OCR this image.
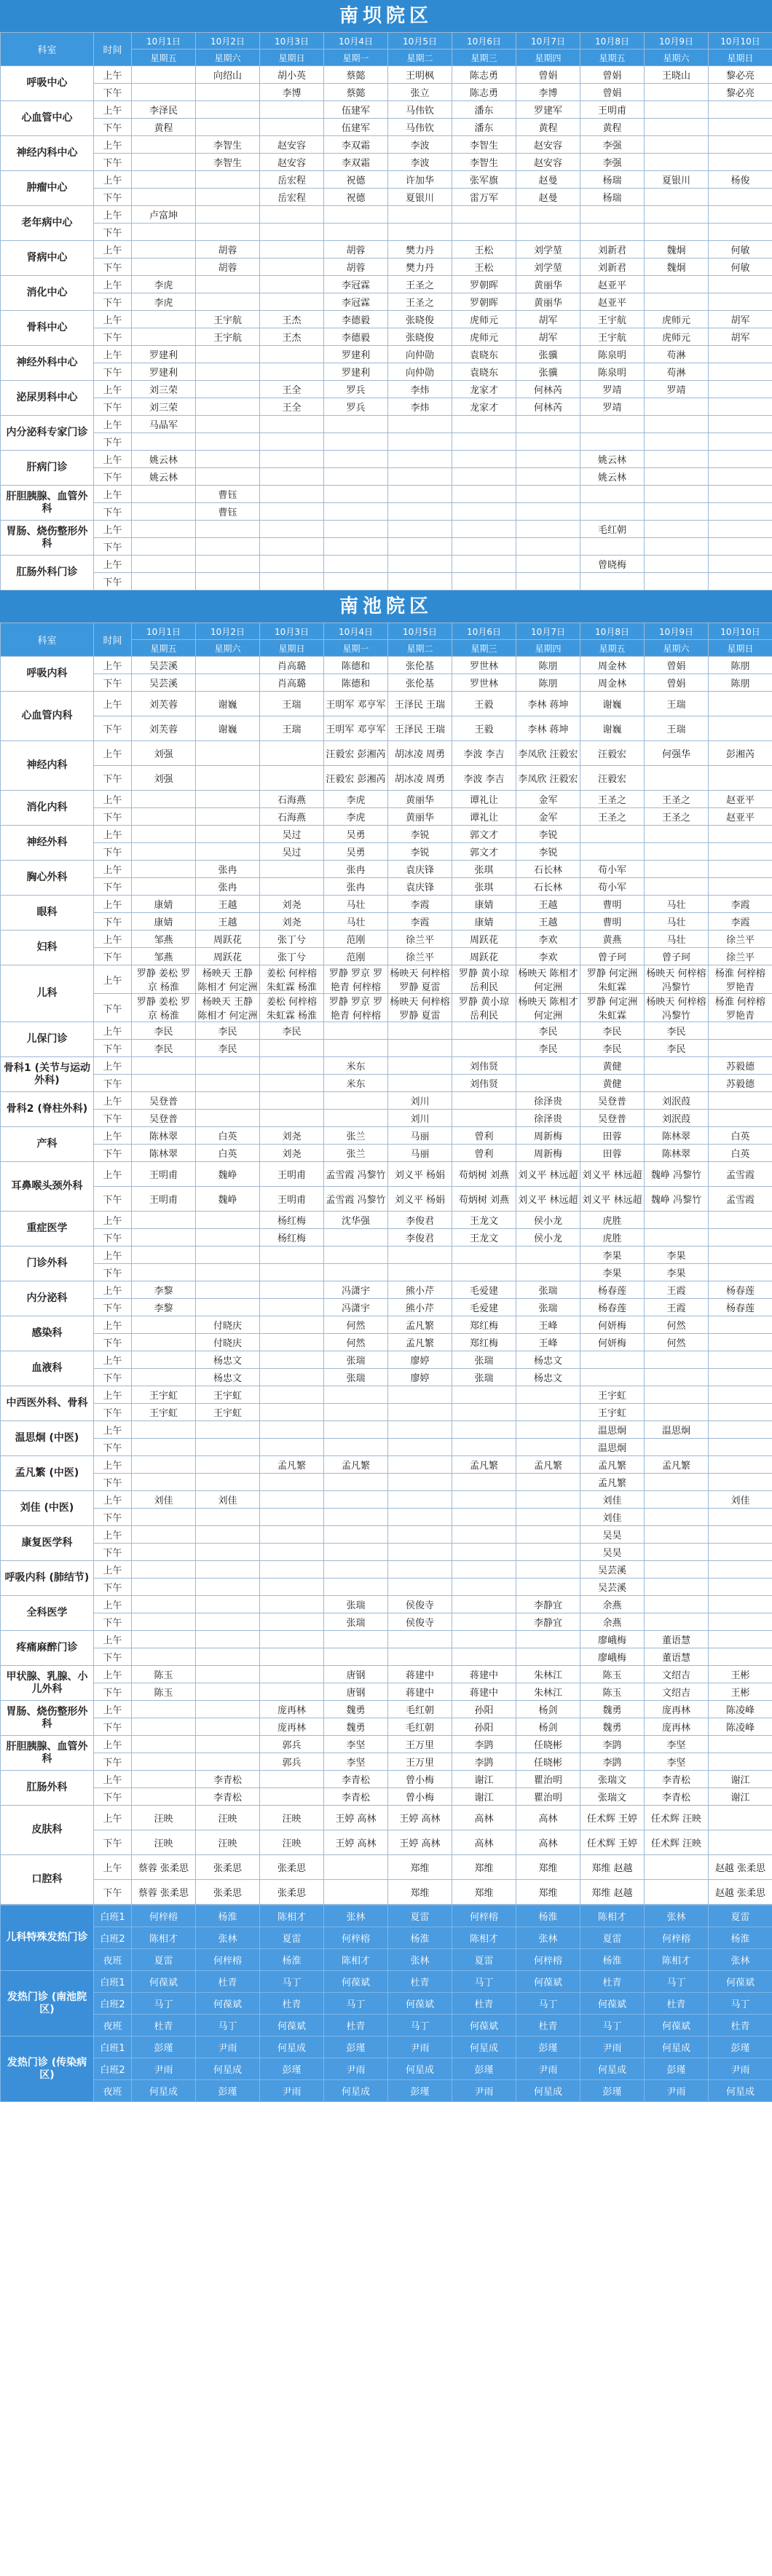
南坝院区
科室	时间	10月1日	10月2日	10月3日	10月4日	10月5日	10月6日	10月7日	10月8日	10月9日	10月10日
		星期五	星期六	星期日	星期一	星期二	星期三	星期四	星期五	星期六	星期日
呼吸中心	上午		向绍山	胡小英	蔡懿	王明枫	陈志勇	曾娟	曾娟	王晓山	黎必亮
	下午			李博	蔡懿	张立	陈志勇	李博	曾娟		黎必亮
心血管中心	上午	李泽民			伍建军	马伟钦	潘东	罗建军	王明甫		
	下午	黄程			伍建军	马伟钦	潘东	黄程	黄程		
神经内科中心	上午		李智生	赵安容	李双霜	李波	李智生	赵安容	李强		
	下午		李智生	赵安容	李双霜	李波	李智生	赵安容	李强		
肿瘤中心	上午			岳宏程	祝德	许加华	张军旗	赵曼	杨瑞	夏银川	杨俊
	下午			岳宏程	祝德	夏银川	雷万军	赵曼	杨瑞		
老年病中心	上午	卢富坤									
	下午										
肾病中心	上午		胡蓉		胡蓉	樊力丹	王松	刘学堃	刘新君	魏炯	何敏
	下午		胡蓉		胡蓉	樊力丹	王松	刘学堃	刘新君	魏炯	何敏
消化中心	上午	李虎			李冠霖	王圣之	罗朝晖	黄丽华	赵亚平		
	下午	李虎			李冠霖	王圣之	罗朝晖	黄丽华	赵亚平		
骨科中心	上午		王宇航	王杰	李德毅	张晓俊	虎师元	胡军	王宇航	虎师元	胡军
	下午		王宇航	王杰	李德毅	张晓俊	虎师元	胡军	王宇航	虎师元	胡军
神经外科中心	上午	罗建利			罗建利	向仲勋	袁晓东	张骥	陈泉明	苟淋	
	下午	罗建利			罗建利	向仲勋	袁晓东	张骥	陈泉明	苟淋	
泌尿男科中心	上午	刘三荣		王全	罗兵	李炜	龙家才	何林芮	罗靖	罗靖	
	下午	刘三荣		王全	罗兵	李炜	龙家才	何林芮	罗靖		
内分泌科专家门诊	上午	马晶军									
	下午										
肝病门诊	上午	姚云林							姚云林		
	下午	姚云林							姚云林		
肝胆胰腺、血管外科	上午		曹钰								
	下午		曹钰								
胃肠、烧伤整形外科	上午								毛红朝		
	下午										
肛肠外科门诊	上午								曾晓梅		
	下午										
南池院区
科室	时间	10月1日	10月2日	10月3日	10月4日	10月5日	10月6日	10月7日	10月8日	10月9日	10月10日
		星期五	星期六	星期日	星期一	星期二	星期三	星期四	星期五	星期六	星期日
呼吸内科	上午	吴芸溪		肖高璐	陈德和	张伦基	罗世林	陈朋	周金林	曾娟	陈朋
	下午	吴芸溪		肖高璐	陈德和	张伦基	罗世林	陈朋	周金林	曾娟	陈朋
心血管内科	上午	刘芙蓉	谢巍	王瑞	王明军 邓亨军	王泽民 王瑞	王毅	李林 蒋坤	谢巍	王瑞	
	下午	刘芙蓉	谢巍	王瑞	王明军 邓亨军	王泽民 王瑞	王毅	李林 蒋坤	谢巍	王瑞	
神经内科	上午	刘强			汪毅宏 彭湘芮	胡冰凌 周勇	李波 李吉	李凤欣 汪毅宏	汪毅宏	何强华	彭湘芮
	下午	刘强			汪毅宏 彭湘芮	胡冰凌 周勇	李波 李吉	李凤欣 汪毅宏	汪毅宏		
消化内科	上午			石海燕	李虎	黄丽华	谭礼让	金军	王圣之	王圣之	赵亚平
	下午			石海燕	李虎	黄丽华	谭礼让	金军	王圣之	王圣之	赵亚平
神经外科	上午			吴过	吴勇	李锐	郭文才	李锐			
	下午			吴过	吴勇	李锐	郭文才	李锐			
胸心外科	上午		张冉		张冉	袁庆锋	张琪	石长林	苟小军		
	下午		张冉		张冉	袁庆锋	张琪	石长林	苟小军		
眼科	上午	康婧	王越	刘尧	马壮	李霞	康婧	王越	曹明	马壮	李霞
	下午	康婧	王越	刘尧	马壮	李霞	康婧	王越	曹明	马壮	李霞
妇科	上午	邹燕	周跃花	张丁兮	范刚	徐兰平	周跃花	李欢	黄燕	马壮	徐兰平
	下午	邹燕	周跃花	张丁兮	范刚	徐兰平	周跃花	李欢	曾子珂	曾子珂	徐兰平
儿科	上午	罗静 姜松 罗京 杨淮	杨映天 王静 陈相才 何定洲	姜松 何梓榕 朱虹霖 杨淮	罗静 罗京 罗艳青 何梓榕	杨映天 何梓榕 罗静 夏雷	罗静 黄小琼 岳利民	杨映天 陈相才 何定洲	罗静 何定洲 朱虹霖	杨映天 何梓榕 冯黎竹	杨淮 何梓榕 罗艳青
	下午	罗静 姜松 罗京 杨淮	杨映天 王静 陈相才 何定洲	姜松 何梓榕 朱虹霖 杨淮	罗静 罗京 罗艳青 何梓榕	杨映天 何梓榕 罗静 夏雷	罗静 黄小琼 岳利民	杨映天 陈相才 何定洲	罗静 何定洲 朱虹霖	杨映天 何梓榕 冯黎竹	杨淮 何梓榕 罗艳青
儿保门诊	上午	李民	李民	李民				李民	李民	李民	
	下午	李民	李民					李民	李民	李民	
骨科1 (关节与运动外科)	上午				米东		刘伟贤		黄健		苏毅德
	下午				米东		刘伟贤		黄健		苏毅德
骨科2 (脊柱外科)	上午	吴登普				刘川		徐泽贵	吴登普	刘泯葭	
	下午	吴登普				刘川		徐泽贵	吴登普	刘泯葭	
产科	上午	陈林翠	白英	刘尧	张兰	马丽	曾利	周新梅	田蓉	陈林翠	白英
	下午	陈林翠	白英	刘尧	张兰	马丽	曾利	周新梅	田蓉	陈林翠	白英
耳鼻喉头颈外科	上午	王明甫	魏峥	王明甫	孟雪霞 冯黎竹	刘义平 杨娟	苟炳树 刘燕	刘义平 林远超	刘义平 林远超	魏峥 冯黎竹	孟雪霞
	下午	王明甫	魏峥	王明甫	孟雪霞 冯黎竹	刘义平 杨娟	苟炳树 刘燕	刘义平 林远超	刘义平 林远超	魏峥 冯黎竹	孟雪霞
重症医学	上午			杨红梅	沈华强	李俊君	王龙文	侯小龙	虎胜		
	下午			杨红梅		李俊君	王龙文	侯小龙	虎胜		
门诊外科	上午								李果	李果	
	下午								李果	李果	
内分泌科	上午	李黎			冯潇宇	熊小芹	毛爱建	张瑞	杨春莲	王霞	杨春莲
	下午	李黎			冯潇宇	熊小芹	毛爱建	张瑞	杨春莲	王霞	杨春莲
感染科	上午		付晓庆		何然	孟凡繁	郑红梅	王峰	何妍梅	何然	
	下午		付晓庆		何然	孟凡繁	郑红梅	王峰	何妍梅	何然	
血液科	上午		杨忠文		张瑞	廖婷	张瑞	杨忠文			
	下午		杨忠文		张瑞	廖婷	张瑞	杨忠文			
中西医外科、骨科	上午	王宇虹	王宇虹						王宇虹		
	下午	王宇虹	王宇虹						王宇虹		
温思炯 (中医)	上午								温思炯	温思炯	
	下午								温思炯		
孟凡繁 (中医)	上午			孟凡繁	孟凡繁		孟凡繁	孟凡繁	孟凡繁	孟凡繁	
	下午								孟凡繁		
刘佳 (中医)	上午	刘佳	刘佳						刘佳		刘佳
	下午								刘佳		
康复医学科	上午								吴昊		
	下午								吴昊		
呼吸内科 (肺结节)	上午								吴芸溪		
	下午								吴芸溪		
全科医学	上午				张瑞	侯俊寺		李静宜	余燕		
	下午				张瑞	侯俊寺		李静宜	余燕		
疼痛麻醉门诊	上午								廖峨梅	董语慧	
	下午								廖峨梅	董语慧	
甲状腺、乳腺、小儿外科	上午	陈玉			唐钢	蒋建中	蒋建中	朱林江	陈玉	文绍吉	王彬
	下午	陈玉			唐钢	蒋建中	蒋建中	朱林江	陈玉	文绍吉	王彬
胃肠、烧伤整形外科	上午			庞再林	魏勇	毛红朝	孙阳	杨剑	魏勇	庞再林	陈凌峰
	下午			庞再林	魏勇	毛红朝	孙阳	杨剑	魏勇	庞再林	陈凌峰
肝胆胰腺、血管外科	上午			郭兵	李坚	王万里	李鹍	任晓彬	李鹍	李坚	
	下午			郭兵	李坚	王万里	李鹍	任晓彬	李鹍	李坚	
肛肠外科	上午		李青松		李青松	曾小梅	谢江	瞿治明	张瑞文	李青松	谢江
	下午		李青松		李青松	曾小梅	谢江	瞿治明	张瑞文	李青松	谢江
皮肤科	上午	汪映	汪映	汪映	王婷 高林	王婷 高林	高林	高林	任术辉 王婷	任术辉 汪映	
	下午	汪映	汪映	汪映	王婷 高林	王婷 高林	高林	高林	任术辉 王婷	任术辉 汪映	
口腔科	上午	蔡蓉 张柔思	张柔思	张柔思		郑维	郑维	郑维	郑维 赵越		赵越 张柔思
	下午	蔡蓉 张柔思	张柔思	张柔思		郑维	郑维	郑维	郑维 赵越		赵越 张柔思
儿科特殊发热门诊	白班1	何梓榕	杨淮	陈相才	张林	夏雷	何梓榕	杨淮	陈相才	张林	夏雷
	白班2	陈相才	张林	夏雷	何梓榕	杨淮	陈相才	张林	夏雷	何梓榕	杨淮
	夜班	夏雷	何梓榕	杨淮	陈相才	张林	夏雷	何梓榕	杨淮	陈相才	张林
发热门诊 (南池院区)	白班1	何葆斌	杜青	马丁	何葆斌	杜青	马丁	何葆斌	杜青	马丁	何葆斌
	白班2	马丁	何葆斌	杜青	马丁	何葆斌	杜青	马丁	何葆斌	杜青	马丁
	夜班	杜青	马丁	何葆斌	杜青	马丁	何葆斌	杜青	马丁	何葆斌	杜青
发热门诊 (传染病区)	白班1	彭瑾	尹雨	何星成	彭瑾	尹雨	何星成	彭瑾	尹雨	何星成	彭瑾
	白班2	尹雨	何星成	彭瑾	尹雨	何星成	彭瑾	尹雨	何星成	彭瑾	尹雨
	夜班	何星成	彭瑾	尹雨	何星成	彭瑾	尹雨	何星成	彭瑾	尹雨	何星成
